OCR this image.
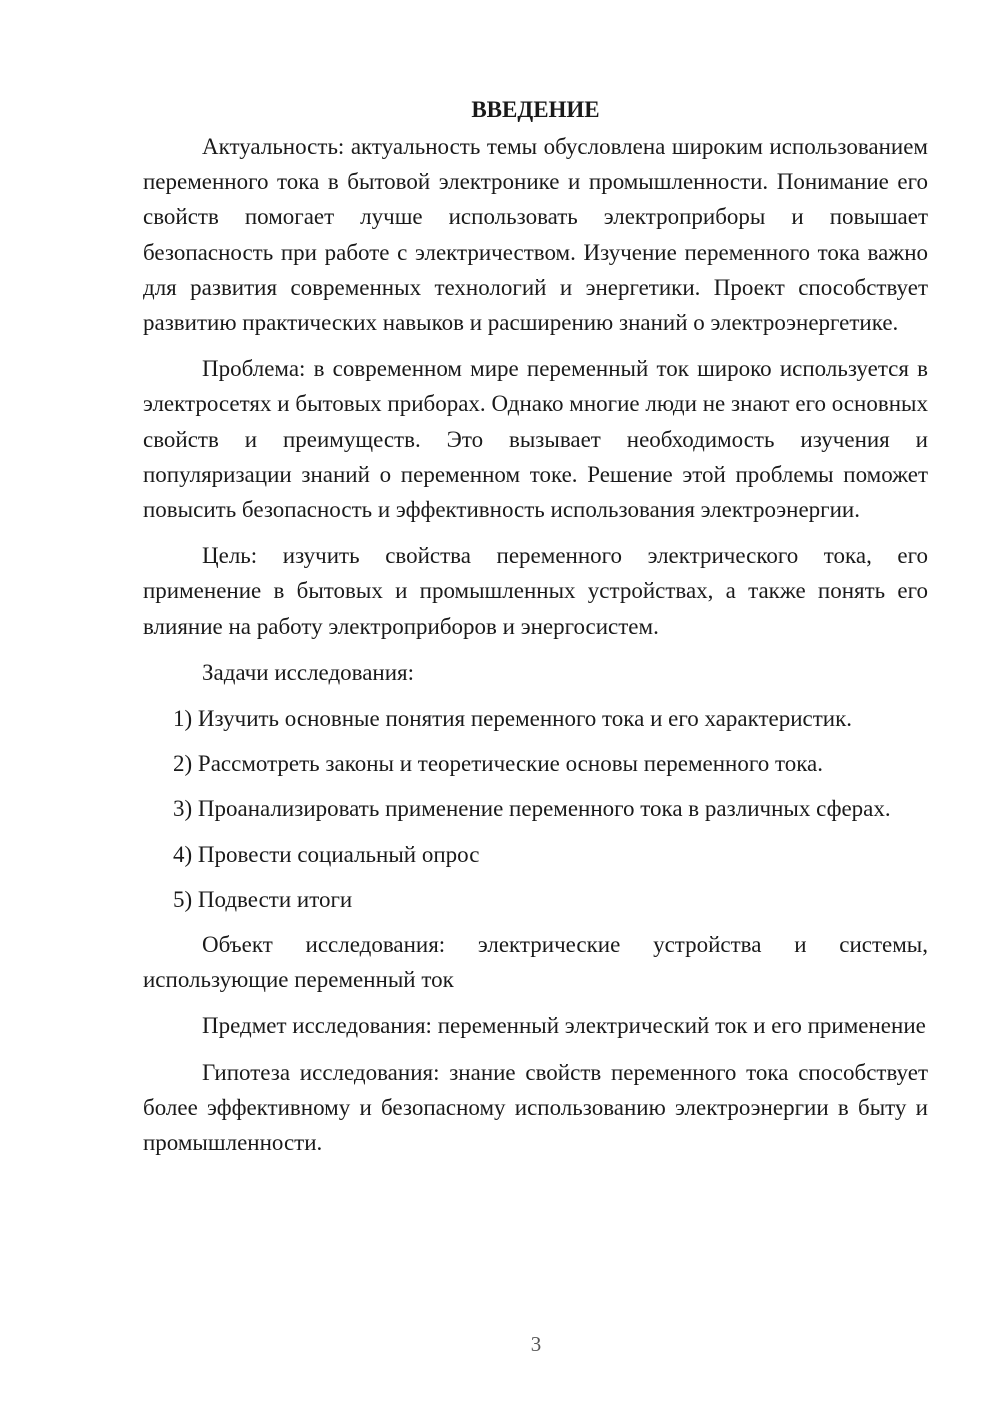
ВВЕДЕНИЕ

Актуальность: актуальность темы обусловлена широким использованием переменного тока в бытовой электронике и промышленности. Понимание его свойств помогает лучше использовать электроприборы и повышает безопасность при работе с электричеством. Изучение переменного тока важно для развития современных технологий и энергетики. Проект способствует развитию практических навыков и расширению знаний о электроэнергетике.

Проблема: в современном мире переменный ток широко используется в электросетях и бытовых приборах. Однако многие люди не знают его основных свойств и преимуществ. Это вызывает необходимость изучения и популяризации знаний о переменном токе. Решение этой проблемы поможет повысить безопасность и эффективность использования электроэнергии.

Цель: изучить свойства переменного электрического тока, его применение в бытовых и промышленных устройствах, а также понять его влияние на работу электроприборов и энергосистем.

Задачи исследования:

1) Изучить основные понятия переменного тока и его характеристик.

2) Рассмотреть законы и теоретические основы переменного тока.

3) Проанализировать применение переменного тока в различных сферах.

4) Провести социальный опрос

5) Подвести итоги

Объект исследования: электрические устройства и системы, использующие переменный ток

Предмет исследования: переменный электрический ток и его применение

Гипотеза исследования: знание свойств переменного тока способствует более эффективному и безопасному использованию электроэнергии в быту и промышленности.

3
